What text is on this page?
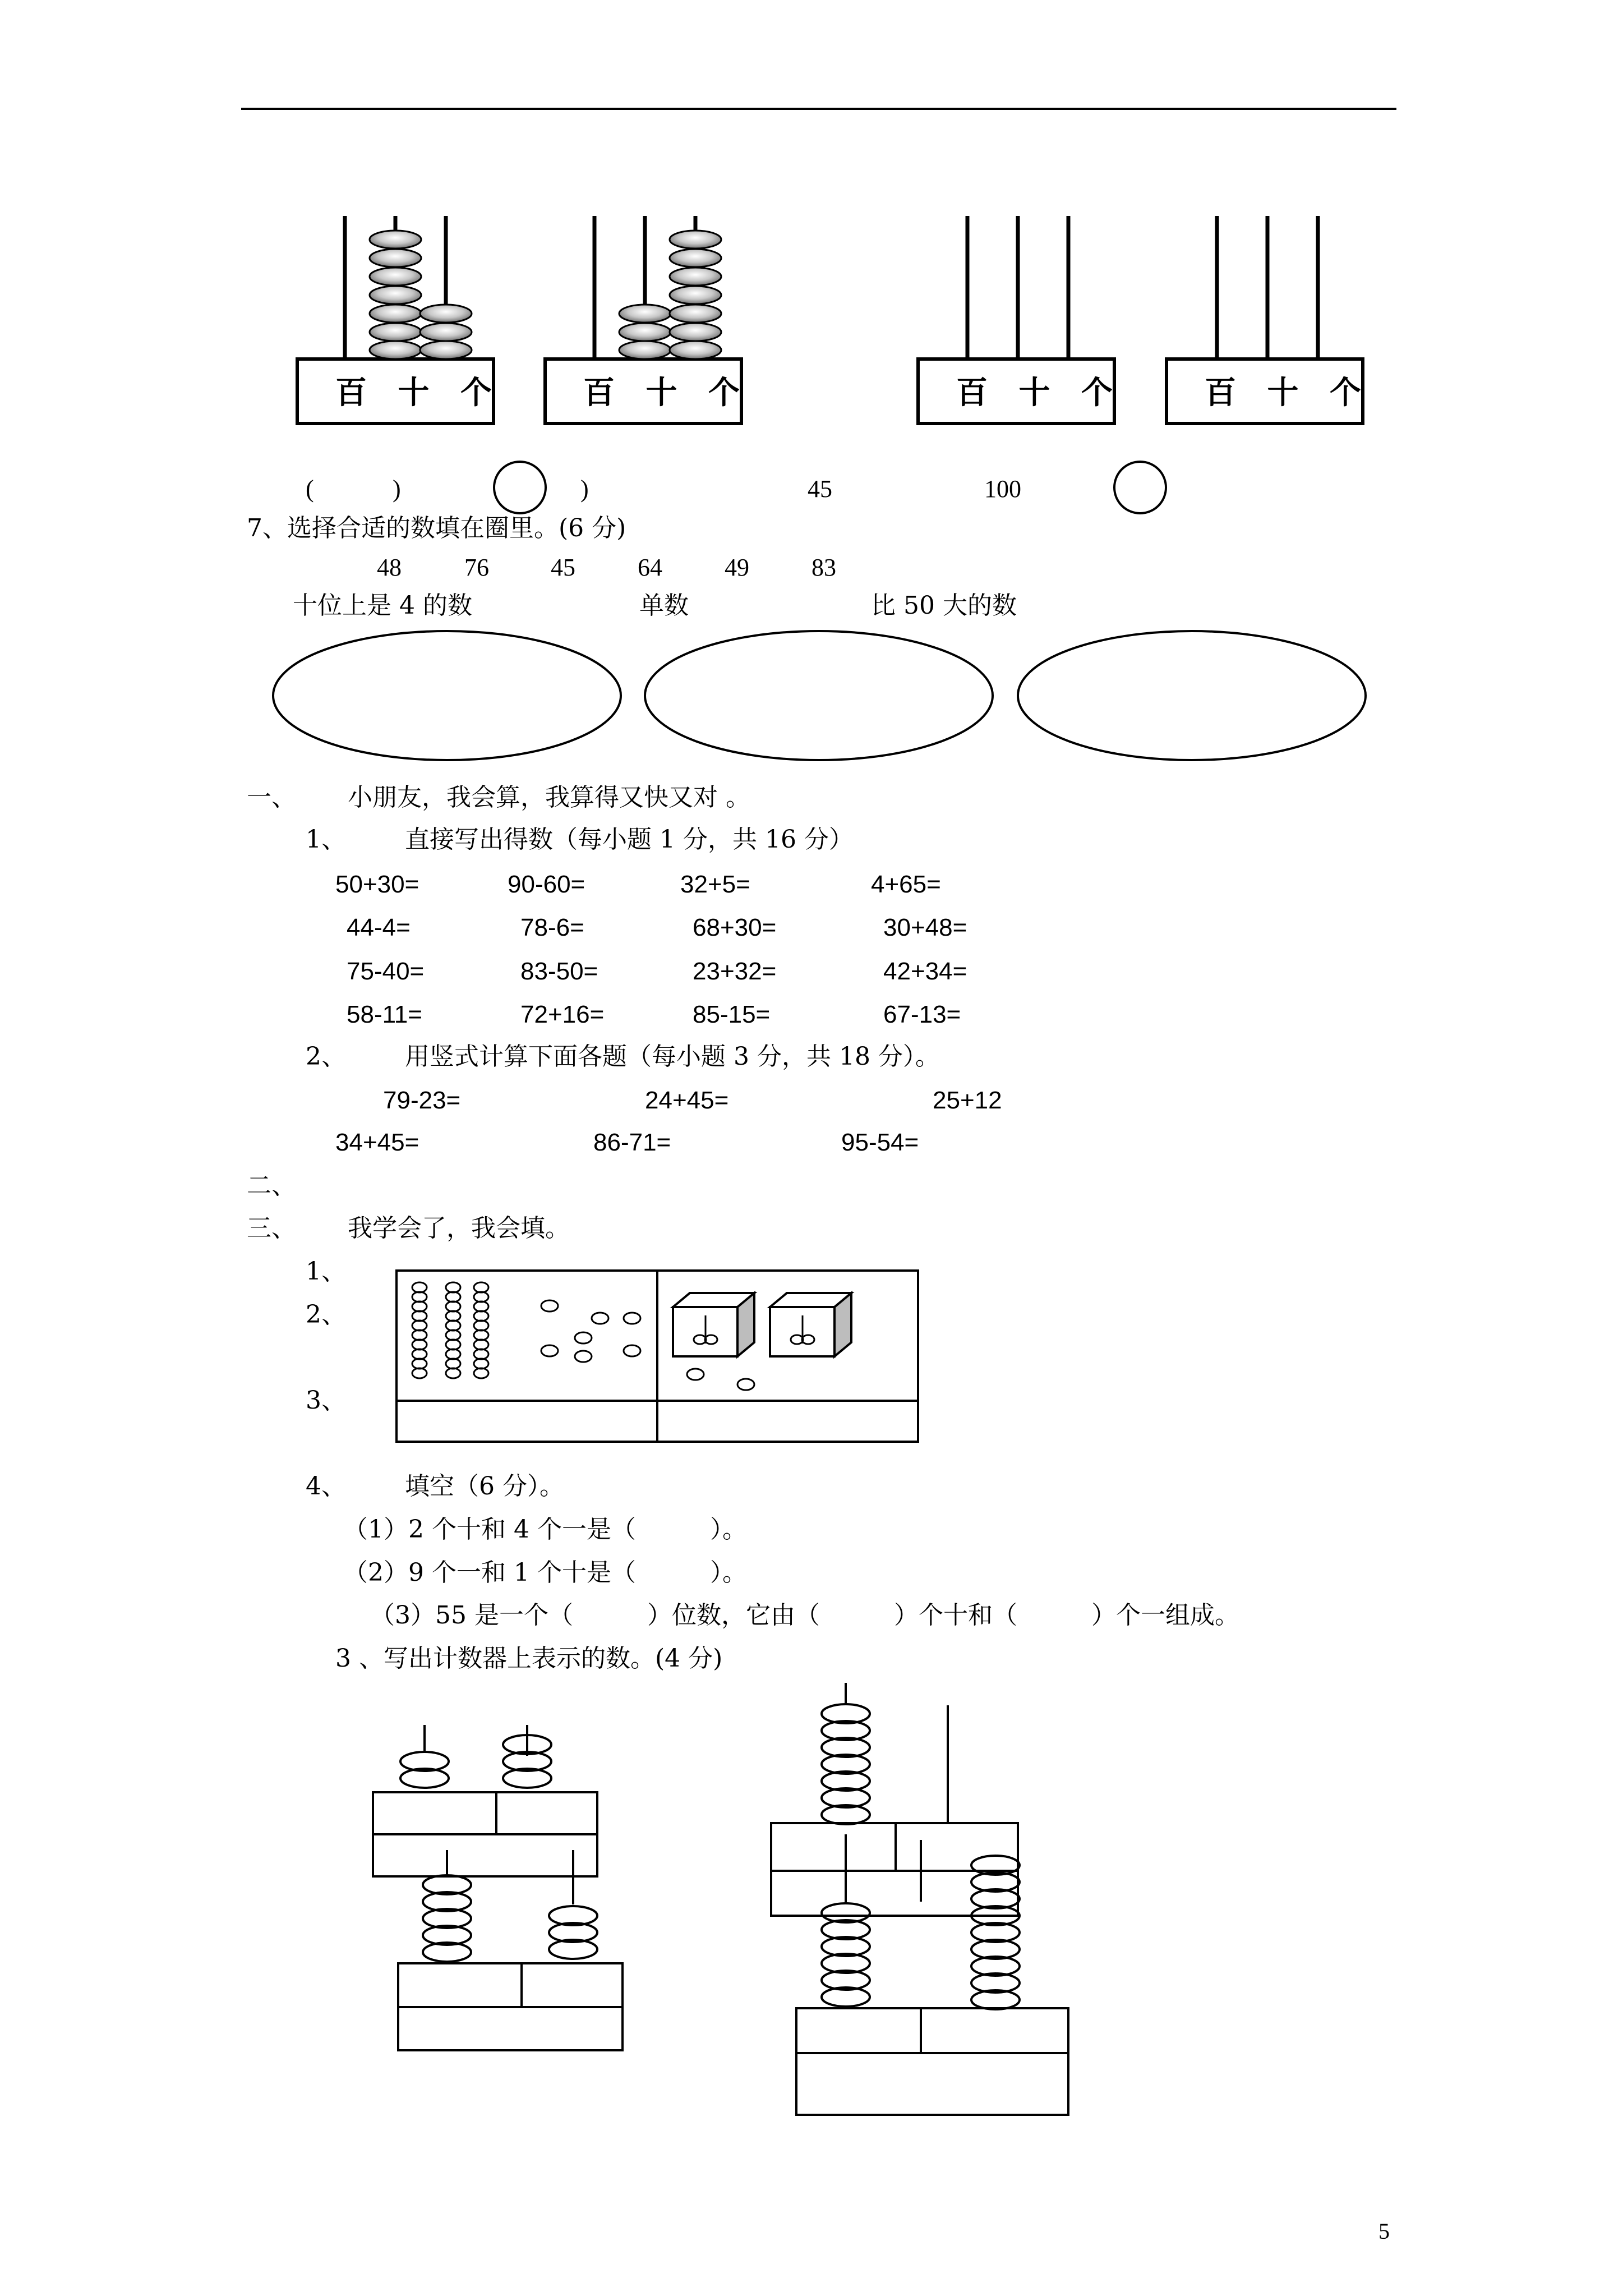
百 十 个	百 十 个	百 十 个	百 十 个
(	)	)	45	100
7、选择合适的数填在圈里。(6 分)
48	76	45	64	49	83
十位上是 4 的数	单数	比 50 大的数
一、 小朋友，我会算，我算得又快又对 。
1、 直接写出得数（每小题 1 分，共 16 分）
50+30=	90-60=	32+5=	4+65=
44-4=	78-6=	68+30=	30+48=
75-40=	83-50=	23+32=	42+34=
58-11=	72+16=	85-15=	67-13=
2、 用竖式计算下面各题（每小题 3 分，共 18 分）。
79-23=	24+45=	25+12
34+45=	86-71=	95-54=
二、
三、 我学会了，我会填。
1、
2、
3、
4、 填空（6 分）。
（1）2 个十和 4 个一是（　　　）。
（2）9 个一和 1 个十是（　　　）。
（3）55 是一个（　　　）位数，它由（　　　）个十和（　　　）个一组成。
3 、写出计数器上表示的数。(4 分)
5
